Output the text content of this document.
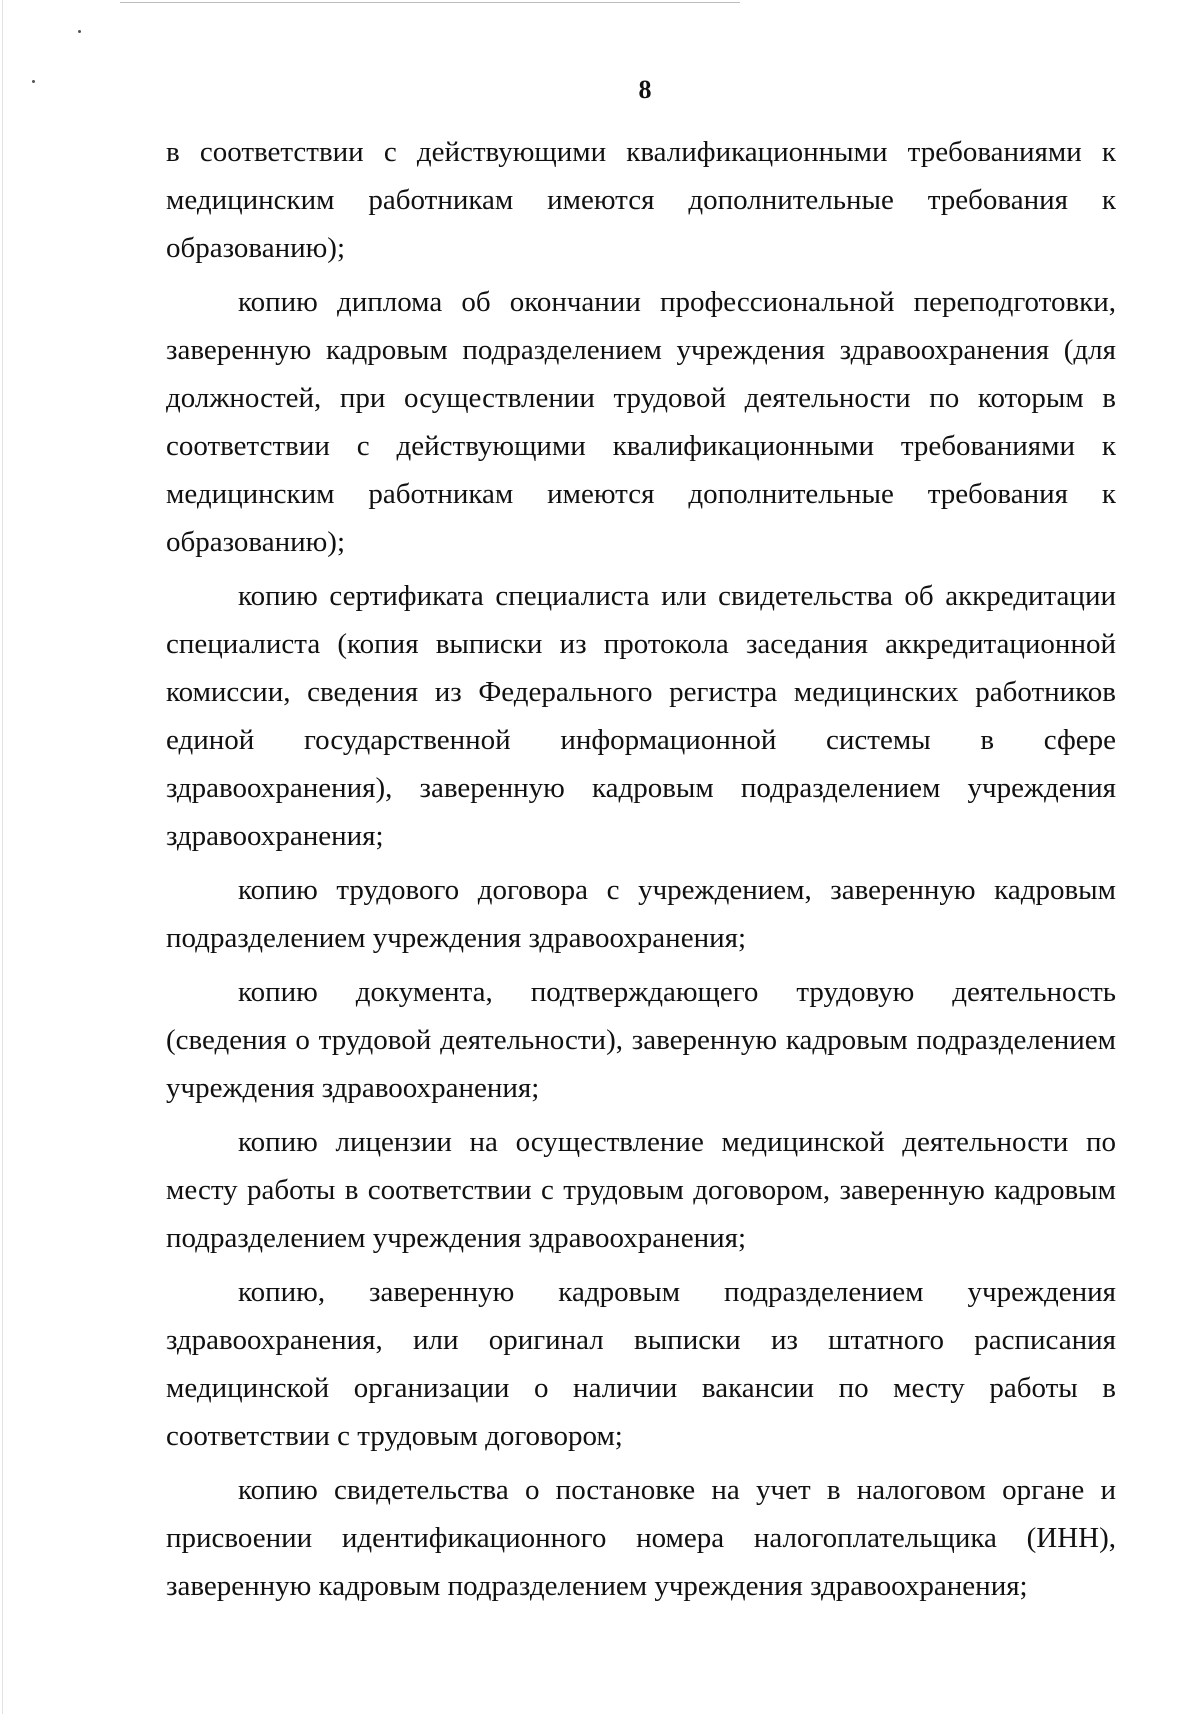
8

в соответствии с действующими квалификационными требованиями к медицинским работникам имеются дополнительные требования к образованию);

копию диплома об окончании профессиональной переподготовки, заверенную кадровым подразделением учреждения здравоохранения (для должностей, при осуществлении трудовой деятельности по которым в соответствии с действующими квалификационными требованиями к медицинским работникам имеются дополнительные требования к образованию);

копию сертификата специалиста или свидетельства об аккредитации специалиста (копия выписки из протокола заседания аккредитационной комиссии, сведения из Федерального регистра медицинских работников единой государственной информационной системы в сфере здравоохранения), заверенную кадровым подразделением учреждения здравоохранения;

копию трудового договора с учреждением, заверенную кадровым подразделением учреждения здравоохранения;

копию документа, подтверждающего трудовую деятельность (сведения о трудовой деятельности), заверенную кадровым подразделением учреждения здравоохранения;

копию лицензии на осуществление медицинской деятельности по месту работы в соответствии с трудовым договором, заверенную кадровым подразделением учреждения здравоохранения;

копию, заверенную кадровым подразделением учреждения здравоохранения, или оригинал выписки из штатного расписания медицинской организации о наличии вакансии по месту работы в соответствии с трудовым договором;

копию свидетельства о постановке на учет в налоговом органе и присвоении идентификационного номера налогоплательщика (ИНН), заверенную кадровым подразделением учреждения здравоохранения;
